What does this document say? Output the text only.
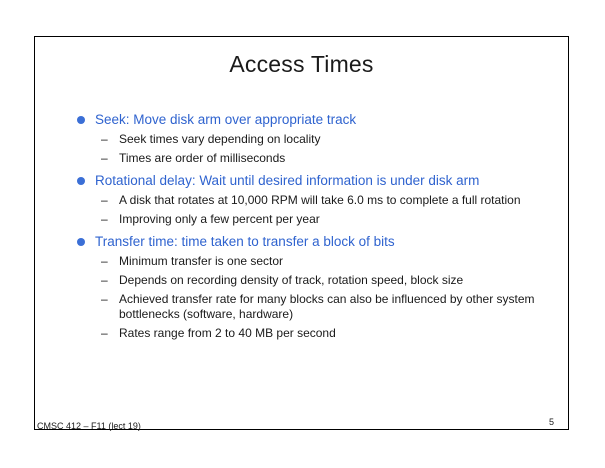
Access Times
Seek: Move disk arm over appropriate track
– Seek times vary depending on locality
– Times are order of milliseconds
Rotational delay: Wait until desired information is under disk arm
– A disk that rotates at 10,000 RPM will take 6.0 ms to complete a full rotation
– Improving only a few percent per year
Transfer time: time taken to transfer a block of bits
– Minimum transfer is one sector
– Depends on recording density of track, rotation speed, block size
– Achieved transfer rate for many blocks can also be influenced by other system bottlenecks (software, hardware)
– Rates range from 2 to 40 MB per second
CMSC 412 – F11 (lect 19)	5
